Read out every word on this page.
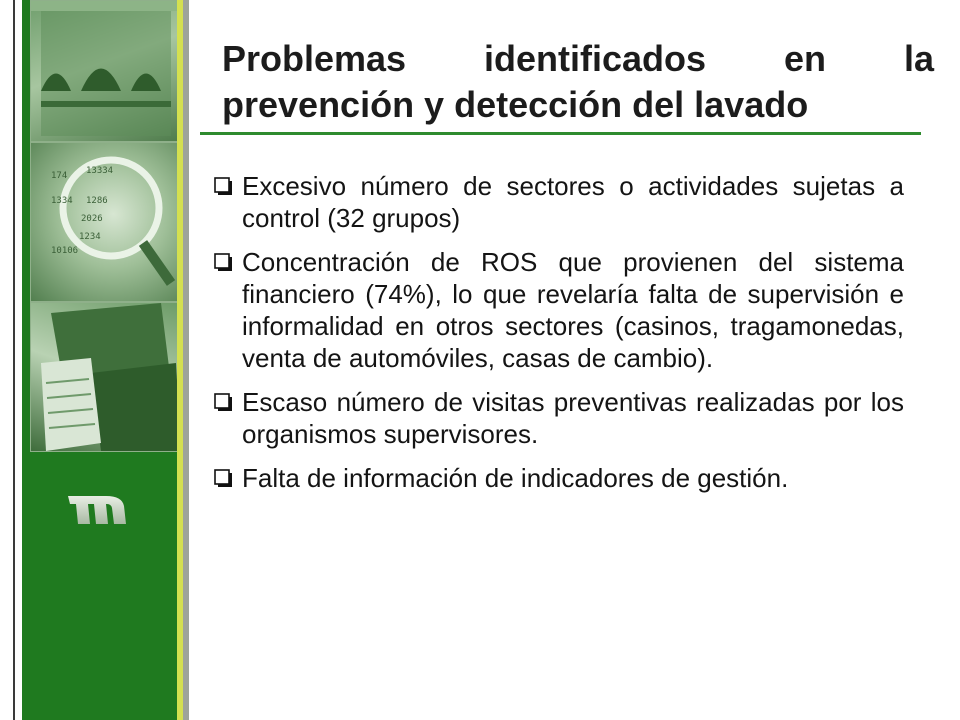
174 13334
1334 1286
2026
1234
10106
Problemas identificados en la
prevención y detección del lavado
Excesivo número de sectores o actividades sujetas a control (32 grupos)
Concentración de ROS que provienen del sistema financiero (74%), lo que revelaría falta de supervisión e informalidad en otros sectores (casinos, tragamonedas, venta de automóviles, casas de cambio).
Escaso número de visitas preventivas realizadas por los organismos supervisores.
Falta de información de indicadores de gestión.
